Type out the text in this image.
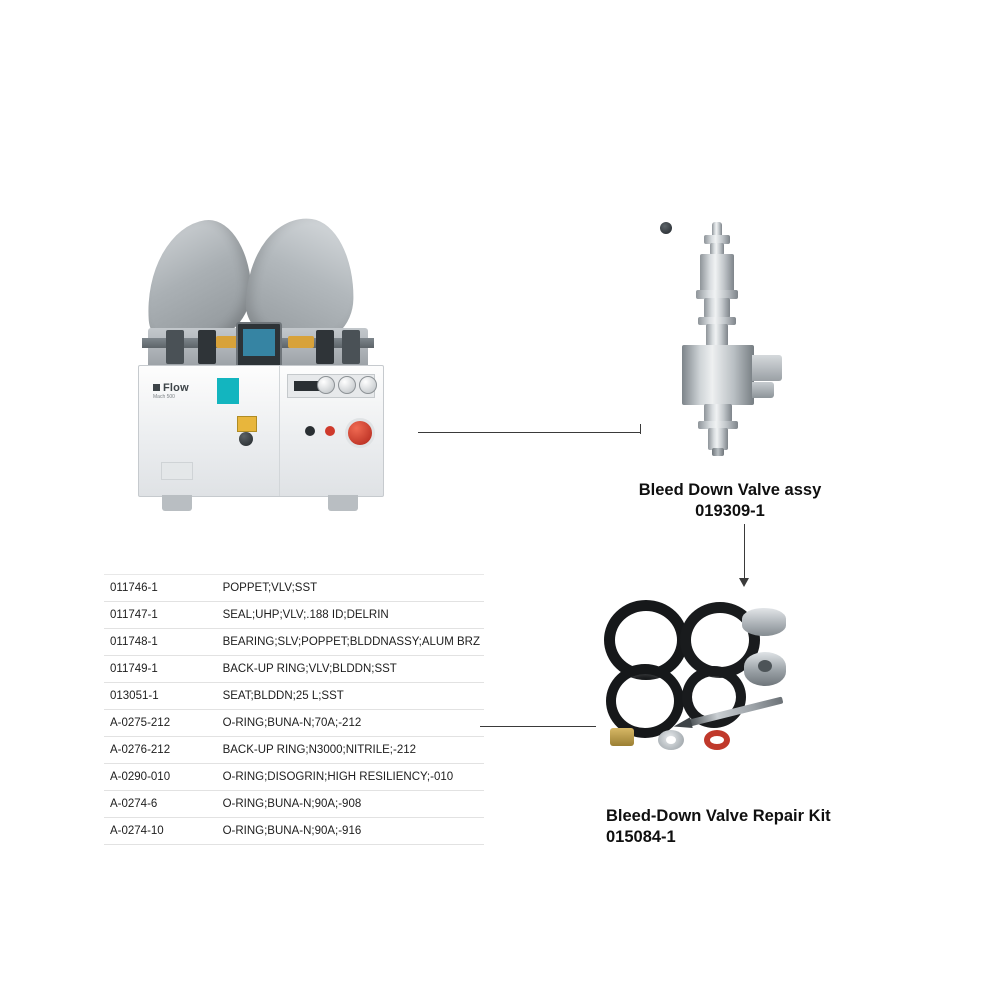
Flow
Mach 500
Bleed Down Valve assy
019309-1
Bleed-Down Valve Repair Kit
015084-1
011746-1	POPPET;VLV;SST
011747-1	SEAL;UHP;VLV;.188 ID;DELRIN
011748-1	BEARING;SLV;POPPET;BLDDNASSY;ALUM BRZ
011749-1	BACK-UP RING;VLV;BLDDN;SST
013051-1	SEAT;BLDDN;25 L;SST
A-0275-212	O-RING;BUNA-N;70A;-212
A-0276-212	BACK-UP RING;N3000;NITRILE;-212
A-0290-010	O-RING;DISOGRIN;HIGH RESILIENCY;-010
A-0274-6	O-RING;BUNA-N;90A;-908
A-0274-10	O-RING;BUNA-N;90A;-916
